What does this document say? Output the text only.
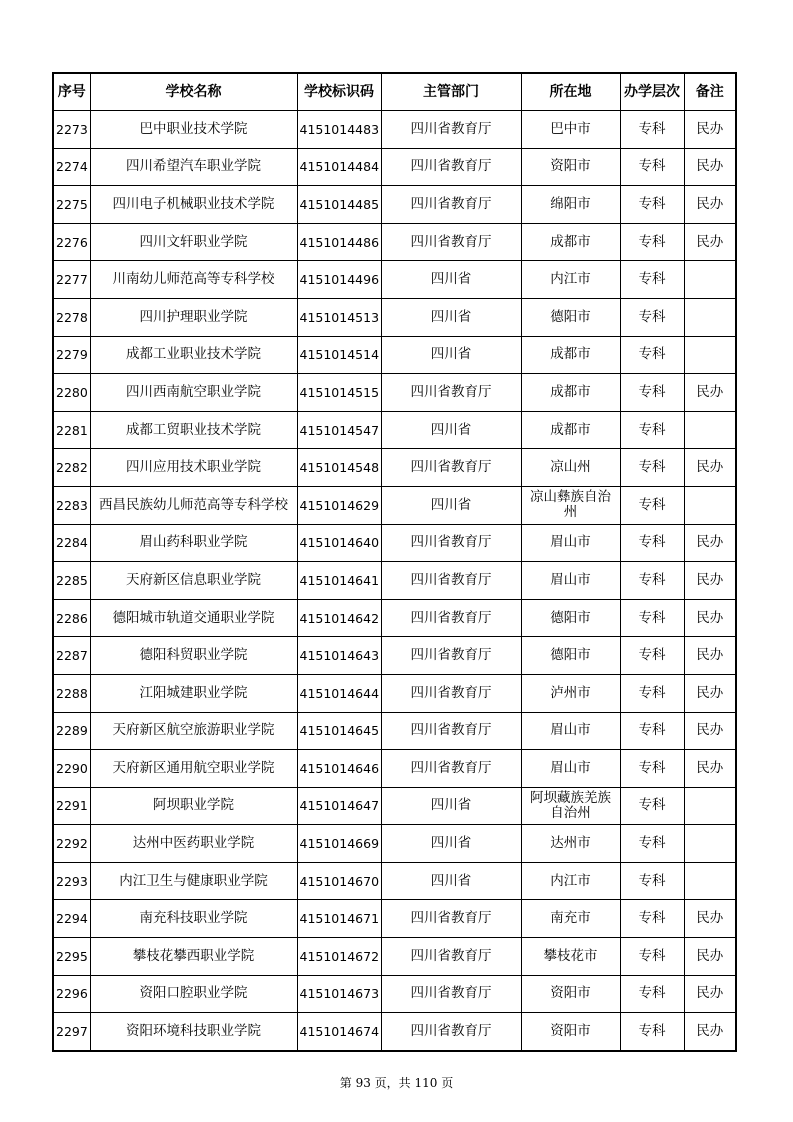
序号	学校名称	学校标识码	主管部门	所在地	办学层次	备注
2273	巴中职业技术学院	4151014483	四川省教育厅	巴中市	专科	民办
2274	四川希望汽车职业学院	4151014484	四川省教育厅	资阳市	专科	民办
2275	四川电子机械职业技术学院	4151014485	四川省教育厅	绵阳市	专科	民办
2276	四川文轩职业学院	4151014486	四川省教育厅	成都市	专科	民办
2277	川南幼儿师范高等专科学校	4151014496	四川省	内江市	专科	
2278	四川护理职业学院	4151014513	四川省	德阳市	专科	
2279	成都工业职业技术学院	4151014514	四川省	成都市	专科	
2280	四川西南航空职业学院	4151014515	四川省教育厅	成都市	专科	民办
2281	成都工贸职业技术学院	4151014547	四川省	成都市	专科	
2282	四川应用技术职业学院	4151014548	四川省教育厅	凉山州	专科	民办
2283	西昌民族幼儿师范高等专科学校	4151014629	四川省	凉山彝族自治州	专科	
2284	眉山药科职业学院	4151014640	四川省教育厅	眉山市	专科	民办
2285	天府新区信息职业学院	4151014641	四川省教育厅	眉山市	专科	民办
2286	德阳城市轨道交通职业学院	4151014642	四川省教育厅	德阳市	专科	民办
2287	德阳科贸职业学院	4151014643	四川省教育厅	德阳市	专科	民办
2288	江阳城建职业学院	4151014644	四川省教育厅	泸州市	专科	民办
2289	天府新区航空旅游职业学院	4151014645	四川省教育厅	眉山市	专科	民办
2290	天府新区通用航空职业学院	4151014646	四川省教育厅	眉山市	专科	民办
2291	阿坝职业学院	4151014647	四川省	阿坝藏族羌族自治州	专科	
2292	达州中医药职业学院	4151014669	四川省	达州市	专科	
2293	内江卫生与健康职业学院	4151014670	四川省	内江市	专科	
2294	南充科技职业学院	4151014671	四川省教育厅	南充市	专科	民办
2295	攀枝花攀西职业学院	4151014672	四川省教育厅	攀枝花市	专科	民办
2296	资阳口腔职业学院	4151014673	四川省教育厅	资阳市	专科	民办
2297	资阳环境科技职业学院	4151014674	四川省教育厅	资阳市	专科	民办
第 93 页，共 110 页
